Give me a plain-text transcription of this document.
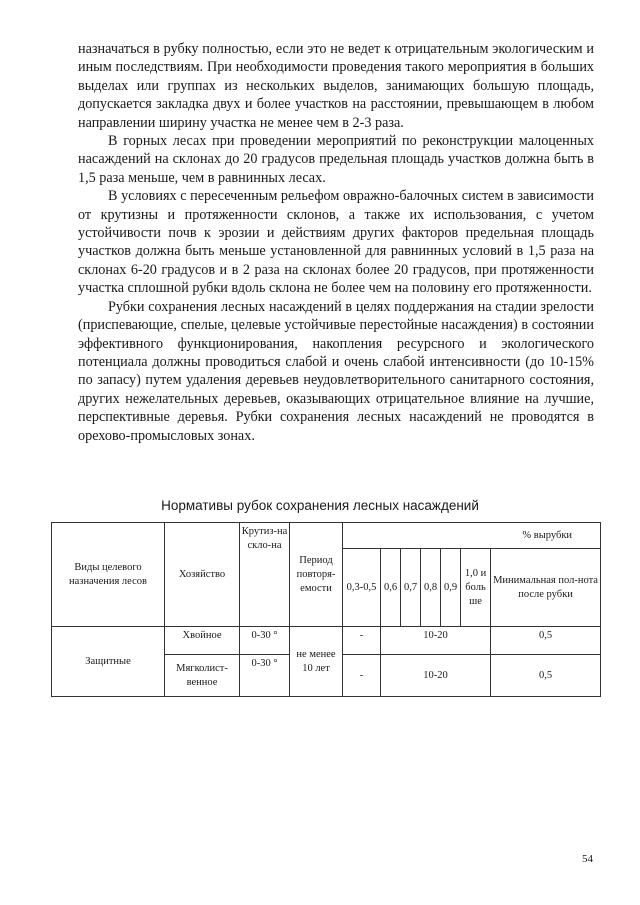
назначаться в рубку полностью, если это не ведет к отрицательным экологическим и иным последствиям. При необходимости проведения такого мероприятия в больших выделах или группах из нескольких выделов, занимающих большую площадь, допускается закладка двух и более участков на расстоянии, превышающем в любом направлении ширину участка не менее чем в 2-3 раза.

В горных лесах при проведении мероприятий по реконструкции малоценных насаждений на склонах до 20 градусов предельная площадь участков должна быть в 1,5 раза меньше, чем в равнинных лесах.

В условиях с пересеченным рельефом овражно-балочных систем в зависимости от крутизны и протяженности склонов, а также их использования, с учетом устойчивости почв к эрозии и действиям других факторов предельная площадь участков должна быть меньше установленной для равнинных условий в 1,5 раза на склонах 6-20 градусов и в 2 раза на склонах более 20 градусов, при протяженности участка сплошной рубки вдоль склона не более чем на половину его протяженности.

Рубки сохранения лесных насаждений в целях поддержания на стадии зрелости (приспевающие, спелые, целевые устойчивые перестойные насаждения) в состоянии эффективного функционирования, накопления ресурсного и экологического потенциала должны проводиться слабой и очень слабой интенсивности (до 10-15% по запасу) путем удаления деревьев неудовлетворительного санитарного состояния, других нежелательных деревьев, оказывающих отрицательное влияние на лучшие, перспективные деревья. Рубки сохранения лесных насаждений не проводятся в орехово-промысловых зонах.

Нормативы рубок сохранения лесных насаждений
Виды целевого назначения лесов	Хозяйство	Крутиз-на скло-на	Период повторя-емости	% вырубки						
				0,3-0,5	0,6	0,7	0,8	0,9	1,0 и боль ше	Минимальная пол-нота после рубки
Защитные	Хвойное	0-30 °	не менее 10 лет	-	10-20					0,5
	Мягколист-венное	0-30 °		-	10-20					0,5
54
